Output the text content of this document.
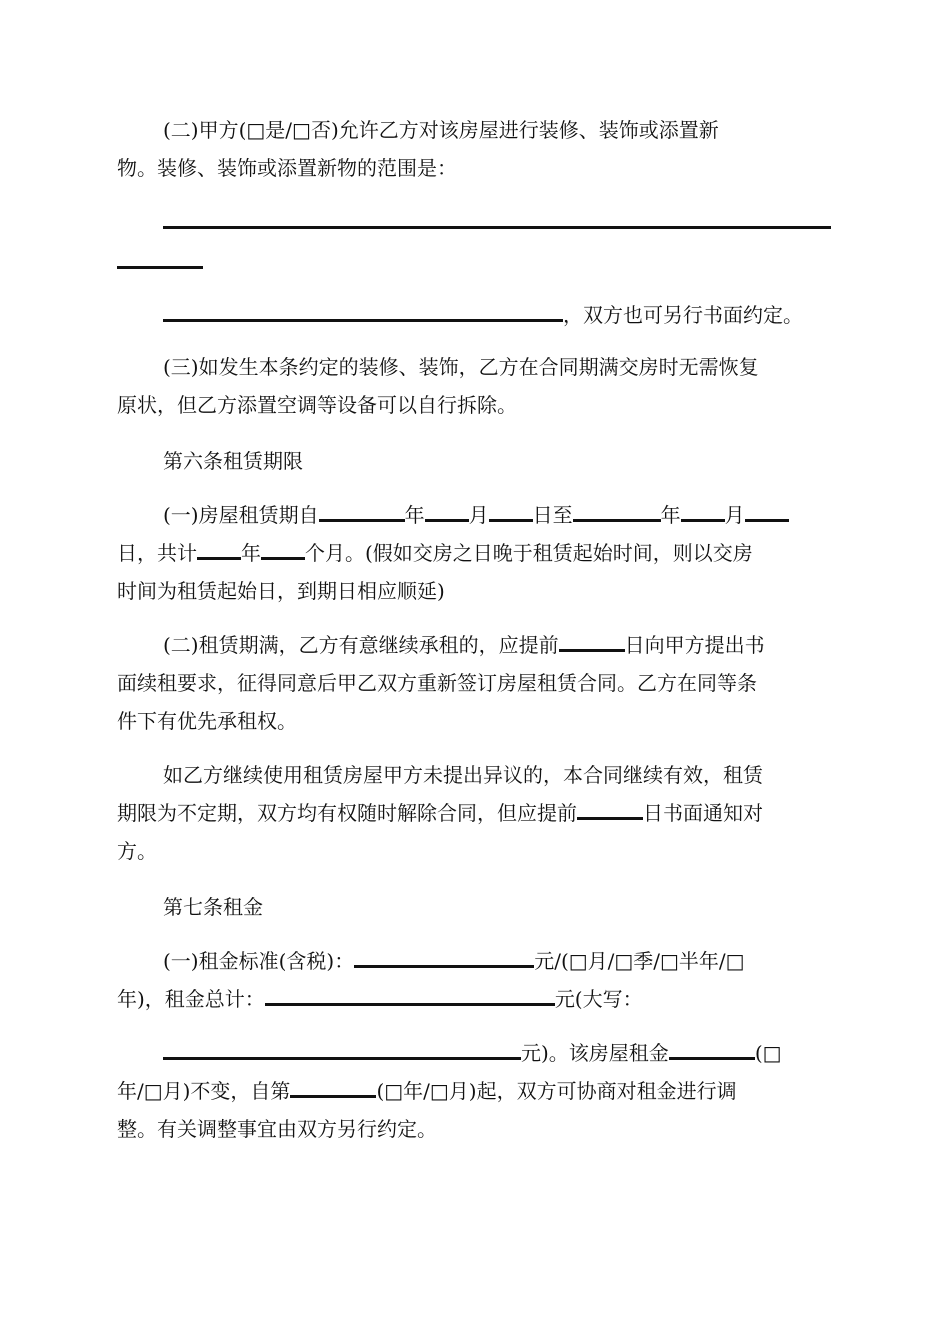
(二)甲方(□是/□否)允许乙方对该房屋进行装修、装饰或添置新
物。装修、装饰或添置新物的范围是：
，双方也可另行书面约定。
(三)如发生本条约定的装修、装饰，乙方在合同期满交房时无需恢复
原状，但乙方添置空调等设备可以自行拆除。
第六条租赁期限
(一)房屋租赁期自	年 月 日至	年 月
日，共计 年 个月。(假如交房之日晚于租赁起始时间，则以交房
时间为租赁起始日，到期日相应顺延)
(二)租赁期满，乙方有意继续承租的，应提前	日向甲方提出书
面续租要求，征得同意后甲乙双方重新签订房屋租赁合同。乙方在同等条
件下有优先承租权。
如乙方继续使用租赁房屋甲方未提出异议的，本合同继续有效，租赁
期限为不定期，双方均有权随时解除合同，但应提前	日书面通知对
方。
第七条租金
(一)租金标准(含税)：	元/(□月/□季/□半年/□
年)，租金总计：	元(大写：
元)。该房屋租金	(□
年/□月)不变，自第	(□年/□月)起，双方可协商对租金进行调
整。有关调整事宜由双方另行约定。
